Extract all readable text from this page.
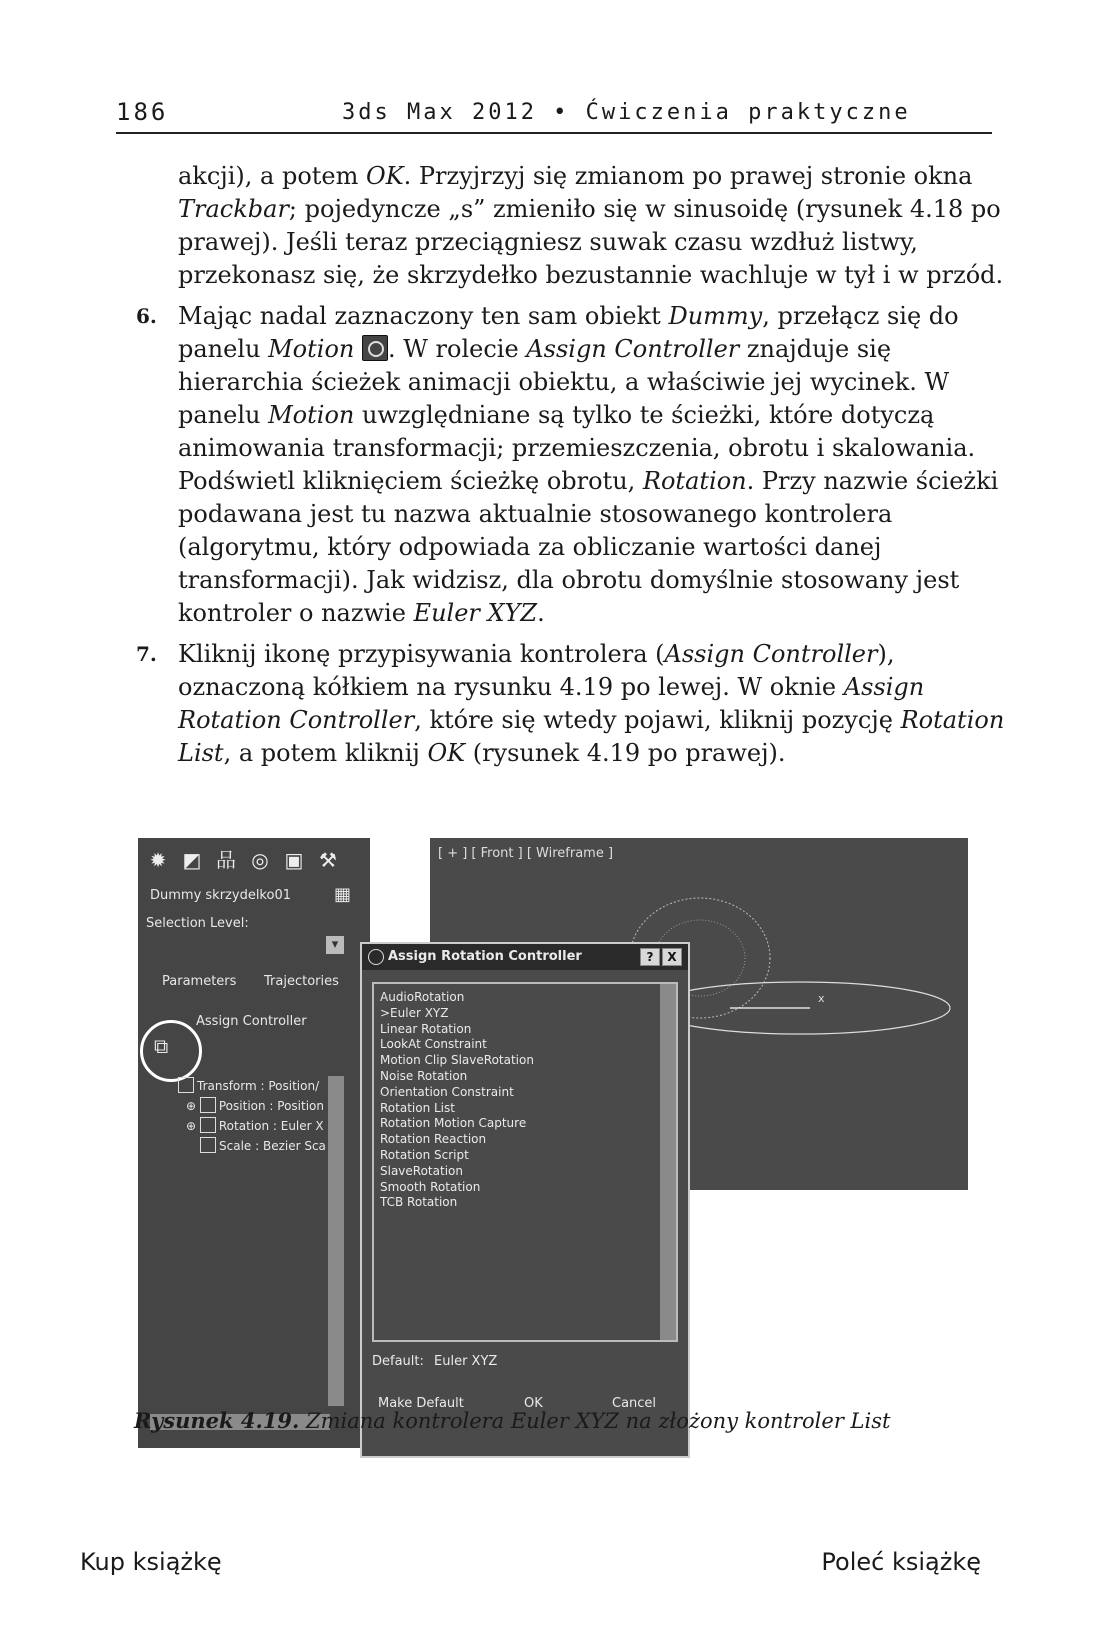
186	3ds Max 2012 • Ćwiczenia praktyczne

akcji), a potem OK. Przyjrzyj się zmianom po prawej stronie okna Trackbar; pojedyncze „s” zmieniło się w sinusoidę (rysunek 4.18 po prawej). Jeśli teraz przeciągniesz suwak czasu wzdłuż listwy, przekonasz się, że skrzydełko bezustannie wachluje w tył i w przód.

6. Mając nadal zaznaczony ten sam obiekt Dummy, przełącz się do panelu Motion . W rolecie Assign Controller znajduje się hierarchia ścieżek animacji obiektu, a właściwie jej wycinek. W panelu Motion uwzględniane są tylko te ścieżki, które dotyczą animowania transformacji; przemieszczenia, obrotu i skalowania. Podświetl kliknięciem ścieżkę obrotu, Rotation. Przy nazwie ścieżki podawana jest tu nazwa aktualnie stosowanego kontrolera (algorytmu, który odpowiada za obliczanie wartości danej transformacji). Jak widzisz, dla obrotu domyślnie stosowany jest kontroler o nazwie Euler XYZ.

7. Kliknij ikonę przypisywania kontrolera (Assign Controller), oznaczoną kółkiem na rysunku 4.19 po lewej. W oknie Assign Rotation Controller, które się wtedy pojawi, kliknij pozycję Rotation List, a potem kliknij OK (rysunek 4.19 po prawej).

✹ ◩ 品 ◎ ▣ ⚒
Dummy skrzydelko01 ▦
Selection Level:
▾
Parameters Trajectories
Assign Controller
⧉
Transform : Position/
⊕ Position : Position
⊕ Rotation : Euler X
Scale : Bezier Sca
[ + ] [ Front ] [ Wireframe ]
x
Assign Rotation Controller	?	X
AudioRotation
>Euler XYZ
Linear Rotation
LookAt Constraint
Motion Clip SlaveRotation
Noise Rotation
Orientation Constraint
Rotation List
Rotation Motion Capture
Rotation Reaction
Rotation Script
SlaveRotation
Smooth Rotation
TCB Rotation
Default: Euler XYZ
Make Default	OK	Cancel
Rysunek 4.19. Zmiana kontrolera Euler XYZ na złożony kontroler List
Kup książkę	Poleć książkę
